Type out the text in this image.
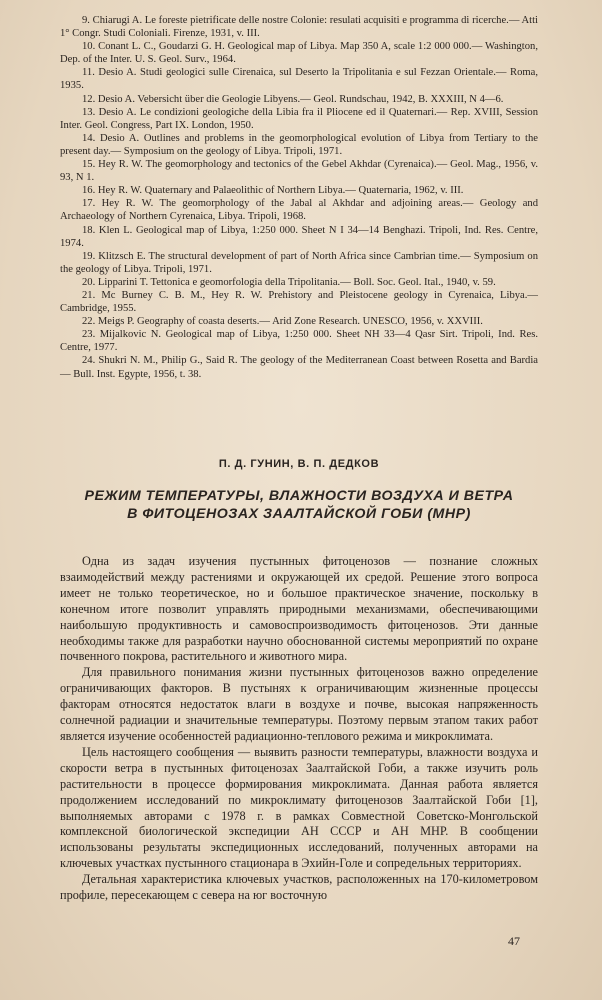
9. Chiarugi A. Le foreste pietrificate delle nostre Colonie: resulati acquisiti e programma di ricerche.— Atti 1° Congr. Studi Coloniali. Firenze, 1931, v. III.

10. Conant L. C., Goudarzi G. H. Geological map of Libya. Map 350 A, scale 1:2 000 000.— Washington, Dep. of the Inter. U. S. Geol. Surv., 1964.

11. Desio A. Studi geologici sulle Cirenaica, sul Deserto la Tripolitania e sul Fezzan Orientale.— Roma, 1935.

12. Desio A. Vebersicht über die Geologie Libyens.— Geol. Rundschau, 1942, B. XXXIII, N 4—6.

13. Desio A. Le condizioni geologiche della Libia fra il Pliocene ed il Quaternari.— Rep. XVIII, Session Inter. Geol. Congress, Part IX. London, 1950.

14. Desio A. Outlines and problems in the geomorphological evolution of Libya from Tertiary to the present day.— Symposium on the geology of Libya. Tripoli, 1971.

15. Hey R. W. The geomorphology and tectonics of the Gebel Akhdar (Cyrenaica).— Geol. Mag., 1956, v. 93, N 1.

16. Hey R. W. Quaternary and Palaeolithic of Northern Libya.— Quaternaria, 1962, v. III.

17. Hey R. W. The geomorphology of the Jabal al Akhdar and adjoining areas.— Geology and Archaeology of Northern Cyrenaica, Libya. Tripoli, 1968.

18. Klen L. Geological map of Libya, 1:250 000. Sheet N I 34—14 Benghazi. Tripoli, Ind. Res. Centre, 1974.

19. Klitzsch E. The structural development of part of North Africa since Cambrian time.— Symposium on the geology of Libya. Tripoli, 1971.

20. Lipparini T. Tettonica e geomorfologia della Tripolitania.— Boll. Soc. Geol. Ital., 1940, v. 59.

21. Mc Burney C. B. M., Hey R. W. Prehistory and Pleistocene geology in Cyrenaica, Libya.— Cambridge, 1955.

22. Meigs P. Geography of coasta deserts.— Arid Zone Research. UNESCO, 1956, v. XXVIII.

23. Mijalkovic N. Geological map of Libya, 1:250 000. Sheet NH 33—4 Qasr Sirt. Tripoli, Ind. Res. Centre, 1977.

24. Shukri N. M., Philip G., Said R. The geology of the Mediterranean Coast between Rosetta and Bardia — Bull. Inst. Egypte, 1956, t. 38.

П. Д. ГУНИН, В. П. ДЕДКОВ
РЕЖИМ ТЕМПЕРАТУРЫ, ВЛАЖНОСТИ ВОЗДУХА И ВЕТРА
В ФИТОЦЕНОЗАХ ЗААЛТАЙСКОЙ ГОБИ (МНР)

Одна из задач изучения пустынных фитоценозов — познание сложных взаимодействий между растениями и окружающей их средой. Решение этого вопроса имеет не только теоретическое, но и большое практическое значение, поскольку в конечном итоге позволит управлять природными механизмами, обеспечивающими наибольшую продуктивность и самовоспроизводимость фитоценозов. Эти данные необходимы также для разработки научно обоснованной системы мероприятий по охране почвенного покрова, растительного и животного мира.

Для правильного понимания жизни пустынных фитоценозов важно определение ограничивающих факторов. В пустынях к ограничивающим жизненные процессы факторам относятся недостаток влаги в воздухе и почве, высокая напряженность солнечной радиации и значительные температуры. Поэтому первым этапом таких работ является изучение особенностей радиационно-теплового режима и микроклимата.

Цель настоящего сообщения — выявить разности температуры, влажности воздуха и скорости ветра в пустынных фитоценозах Заалтайской Гоби, а также изучить роль растительности в процессе формирования микроклимата. Данная работа является продолжением исследований по микроклимату фитоценозов Заалтайской Гоби [1], выполняемых авторами с 1978 г. в рамках Совместной Советско-Монгольской комплексной биологической экспедиции АН СССР и АН МНР. В сообщении использованы результаты экспедиционных исследований, полученных авторами на ключевых участках пустынного стационара в Эхийн-Голе и сопредельных территориях.

Детальная характеристика ключевых участков, расположенных на 170-километровом профиле, пересекающем с севера на юг восточную

47
